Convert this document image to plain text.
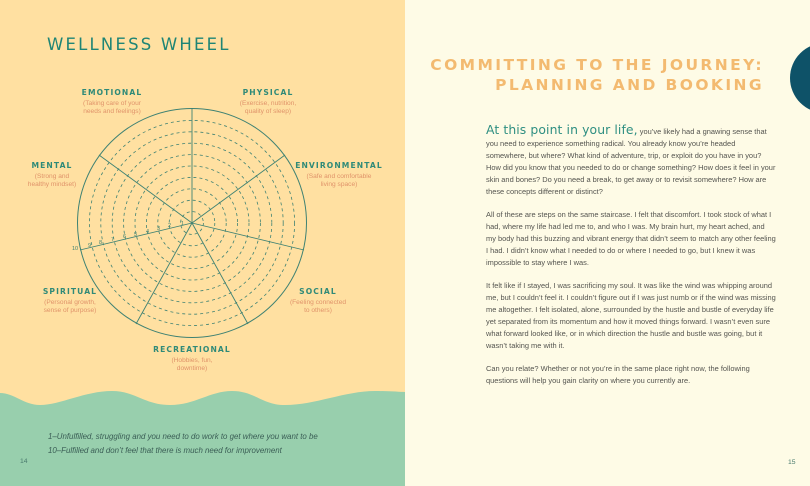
WELLNESS WHEEL
1
2
3
4
5
6
7
8
9
10
EMOTIONAL
(Taking care of your
needs and feelings)
PHYSICAL
(Exercise, nutrition,
quality of sleep)
ENVIRONMENTAL
(Safe and comfortable
living space)
SOCIAL
(Feeling connected
to others)
RECREATIONAL
(Hobbies, fun,
downtime)
SPIRITUAL
(Personal growth,
sense of purpose)
MENTAL
(Strong and
healthy mindset)
1–Unfulfilled, struggling and you need to do work to get where you want to be
10–Fulfilled and don’t feel that there is much need for improvement
14
COMMITTING TO THE JOURNEY:
PLANNING AND BOOKING

At this point in your life, you’ve likely had a gnawing sense that you need to experience something radical. You already know you’re headed somewhere, but where? What kind of adventure, trip, or exploit do you have in you? How did you know that you needed to do or change something? How does it feel in your skin and bones? Do you need a break, to get away or to revisit somewhere? How are these concepts different or distinct?

All of these are steps on the same staircase. I felt that discomfort. I took stock of what I had, where my life had led me to, and who I was. My brain hurt, my heart ached, and my body had this buzzing and vibrant energy that didn’t seem to match any other feeling I had. I didn’t know what I needed to do or where I needed to go, but I knew it was impossible to stay where I was.

It felt like if I stayed, I was sacrificing my soul. It was like the wind was whipping around me, but I couldn’t feel it. I couldn’t figure out if I was just numb or if the wind was missing me altogether. I felt isolated, alone, surrounded by the hustle and bustle of everyday life yet separated from its momentum and how it moved things forward. I wasn’t even sure what forward looked like, or in which direction the hustle and bustle was going, but it wasn’t taking me with it.

Can you relate? Whether or not you’re in the same place right now, the following questions will help you gain clarity on where you currently are.

15
